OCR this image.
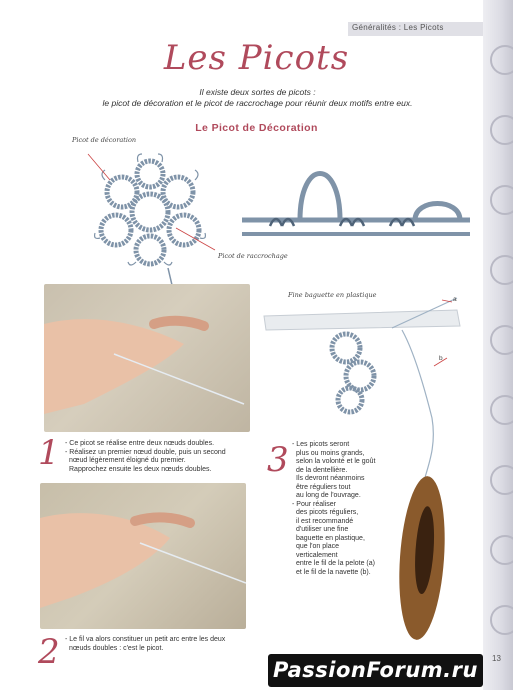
Généralités : Les Picots
Les Picots
Il existe deux sortes de picots :
le picot de décoration et le picot de raccrochage pour réunir deux motifs entre eux.
Le Picot de Décoration
Picot de décoration
Picot de raccrochage
1 - Ce picot se réalise entre deux nœuds doubles.

- Réalisez un premier nœud double, puis un second

nœud légèrement éloigné du premier.

Rapprochez ensuite les deux nœuds doubles.

2 - Le fil va alors constituer un petit arc entre les deux

nœuds doubles : c'est le picot.

Fine baguette en plastique
a
b
3 - Les picots seront

plus ou moins grands,

selon la volonté et le goût

de la dentellière.

Ils devront néanmoins

être réguliers tout

au long de l'ouvrage.

- Pour réaliser

des picots réguliers,

il est recommandé

d'utiliser une fine

baguette en plastique,

que l'on place

verticalement

entre le fil de la pelote (a)

et le fil de la navette (b).

PassionForum.ru	13
